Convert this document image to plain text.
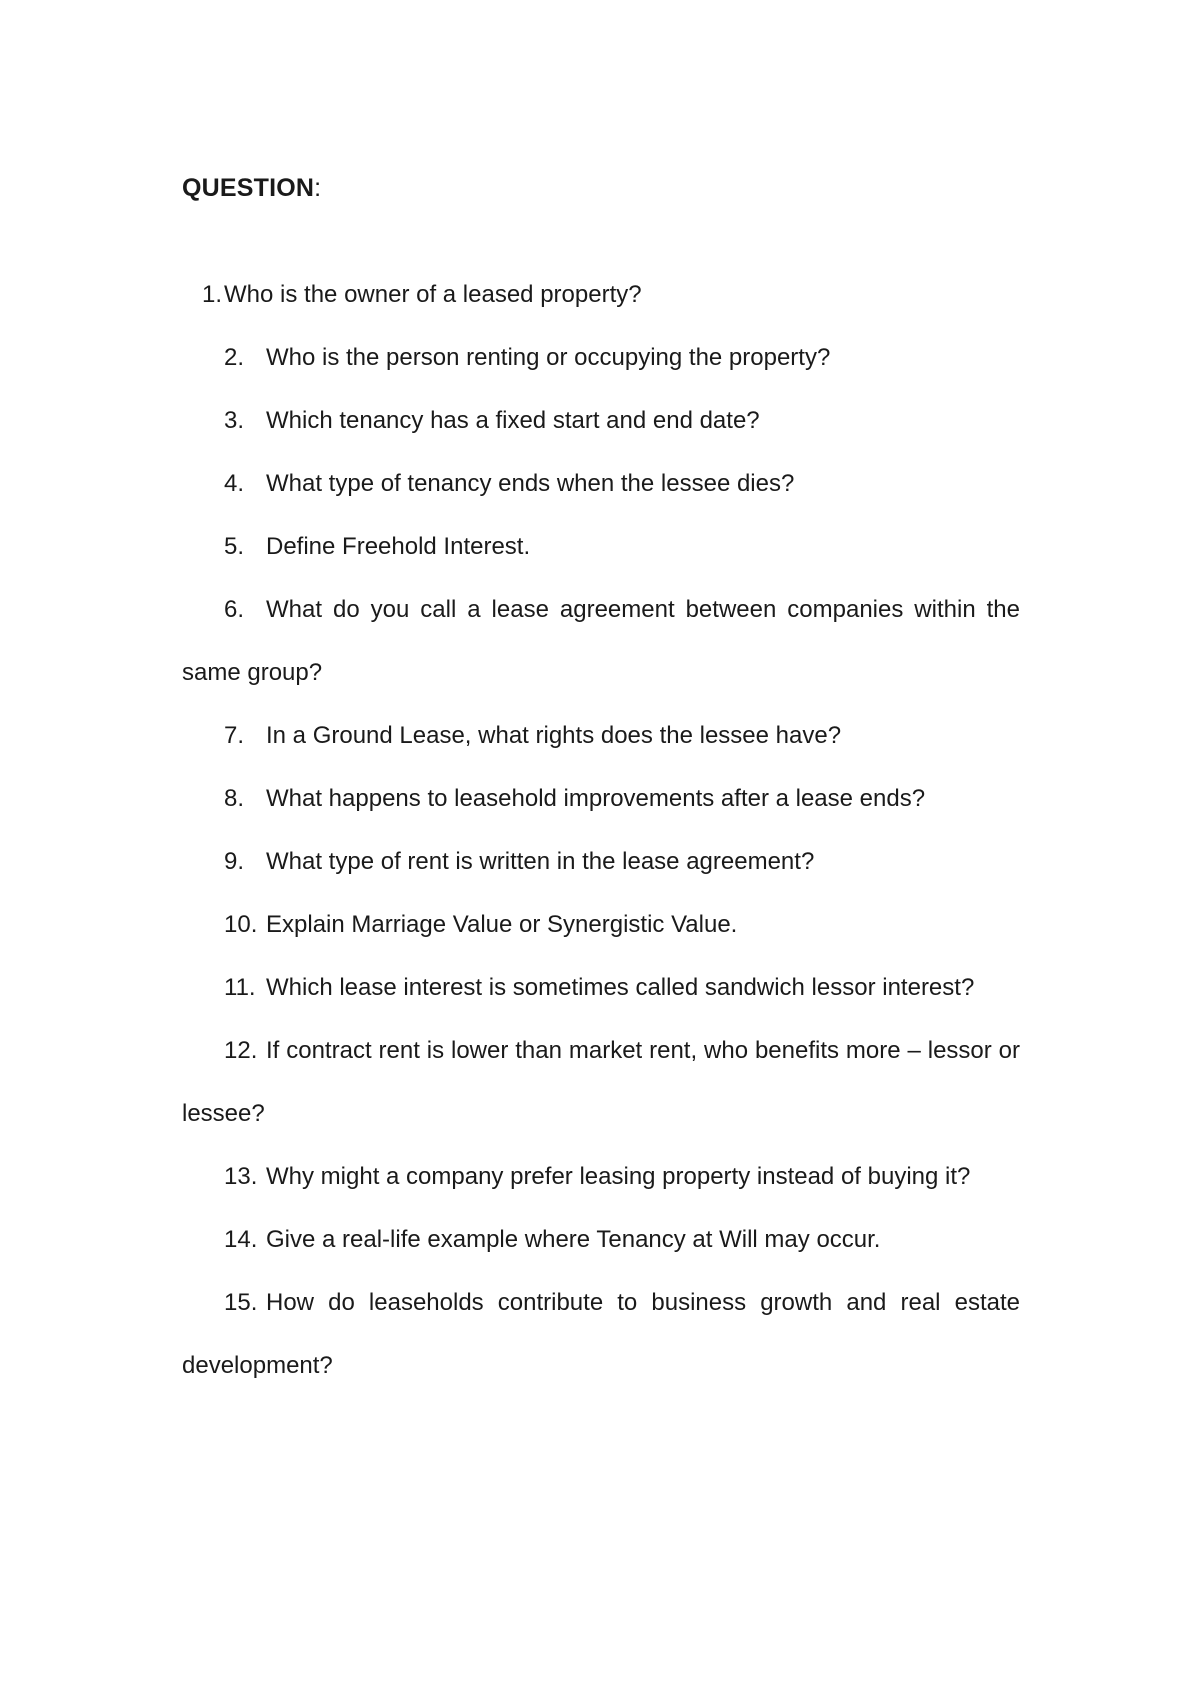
QUESTION:
1.Who is the owner of a leased property?
2. Who is the person renting or occupying the property?
3. Which tenancy has a fixed start and end date?
4. What type of tenancy ends when the lessee dies?
5. Define Freehold Interest.
6. What do you call a lease agreement between companies within the same group?
7. In a Ground Lease, what rights does the lessee have?
8. What happens to leasehold improvements after a lease ends?
9. What type of rent is written in the lease agreement?
10. Explain Marriage Value or Synergistic Value.
11. Which lease interest is sometimes called sandwich lessor interest?
12. If contract rent is lower than market rent, who benefits more – lessor or lessee?
13. Why might a company prefer leasing property instead of buying it?
14. Give a real-life example where Tenancy at Will may occur.
15. How do leaseholds contribute to business growth and real estate development?
